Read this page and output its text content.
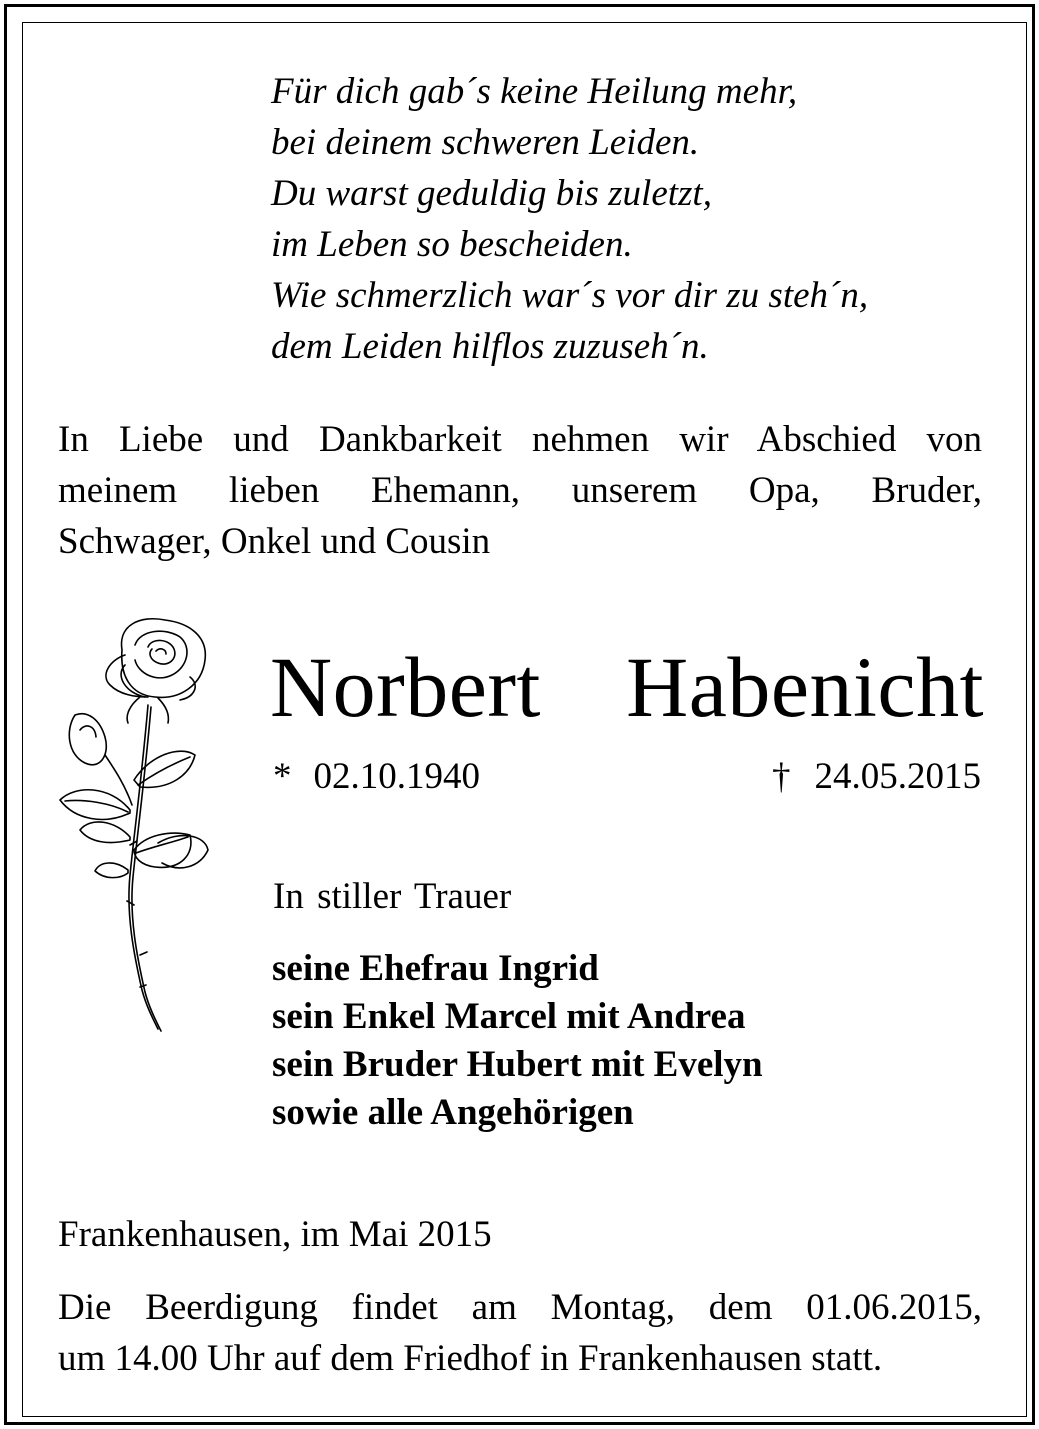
Für dich gab´s keine Heilung mehr,
bei deinem schweren Leiden.
Du warst geduldig bis zuletzt,
im Leben so bescheiden.
Wie schmerzlich war´s vor dir zu steh´n,
dem Leiden hilflos zuzuseh´n.
In Liebe und Dankbarkeit nehmen wir Abschied von
meinem lieben Ehemann, unserem Opa, Bruder,
Schwager, Onkel und Cousin
Norbert Habenicht
* 02.10.1940	† 24.05.2015
In stiller Trauer
seine Ehefrau Ingrid
sein Enkel Marcel mit Andrea
sein Bruder Hubert mit Evelyn
sowie alle Angehörigen
Frankenhausen, im Mai 2015
Die Beerdigung findet am Montag, dem 01.06.2015,
um 14.00 Uhr auf dem Friedhof in Frankenhausen statt.
